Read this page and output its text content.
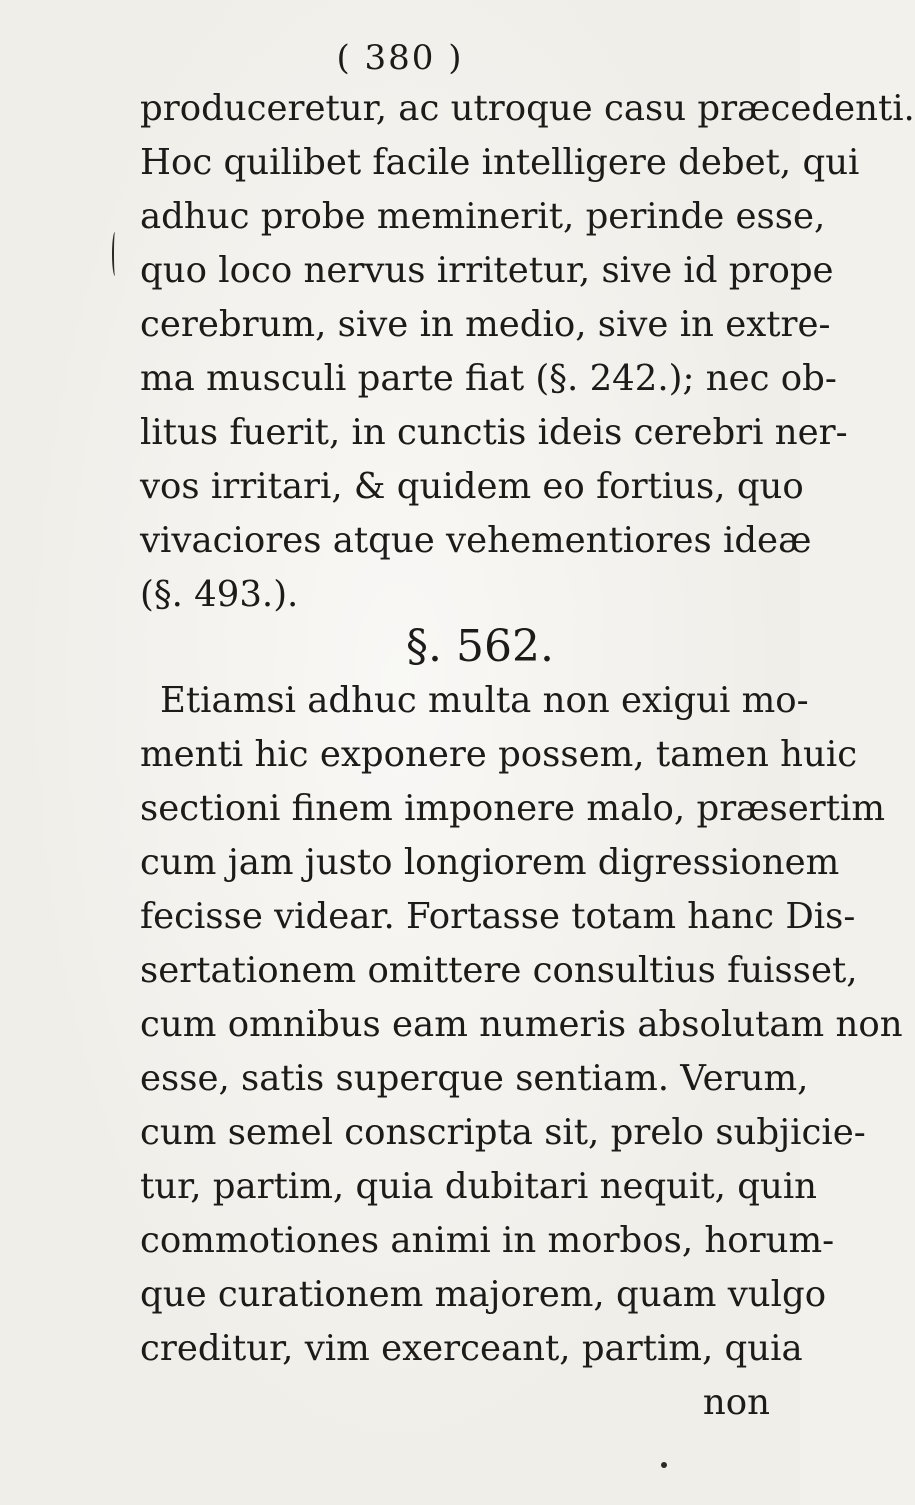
( 380 )
produceretur, ac utroque casu præcedenti.
Hoc quilibet facile intelligere debet, qui
adhuc probe meminerit, perinde esse,
quo loco nervus irritetur, sive id prope
cerebrum, sive in medio, sive in extre-
ma musculi parte fiat (§. 242.); nec ob-
litus fuerit, in cunctis ideis cerebri ner-
vos irritari, & quidem eo fortius, quo
vivaciores atque vehementiores ideæ
(§. 493.).
§. 562.
Etiamsi adhuc multa non exigui mo-
menti hic exponere possem, tamen huic
sectioni finem imponere malo, præsertim
cum jam justo longiorem digressionem
fecisse videar. Fortasse totam hanc Dis-
sertationem omittere consultius fuisset,
cum omnibus eam numeris absolutam non
esse, satis superque sentiam. Verum,
cum semel conscripta sit, prelo subjicie-
tur, partim, quia dubitari nequit, quin
commotiones animi in morbos, horum-
que curationem majorem, quam vulgo
creditur, vim exerceant, partim, quia
non
